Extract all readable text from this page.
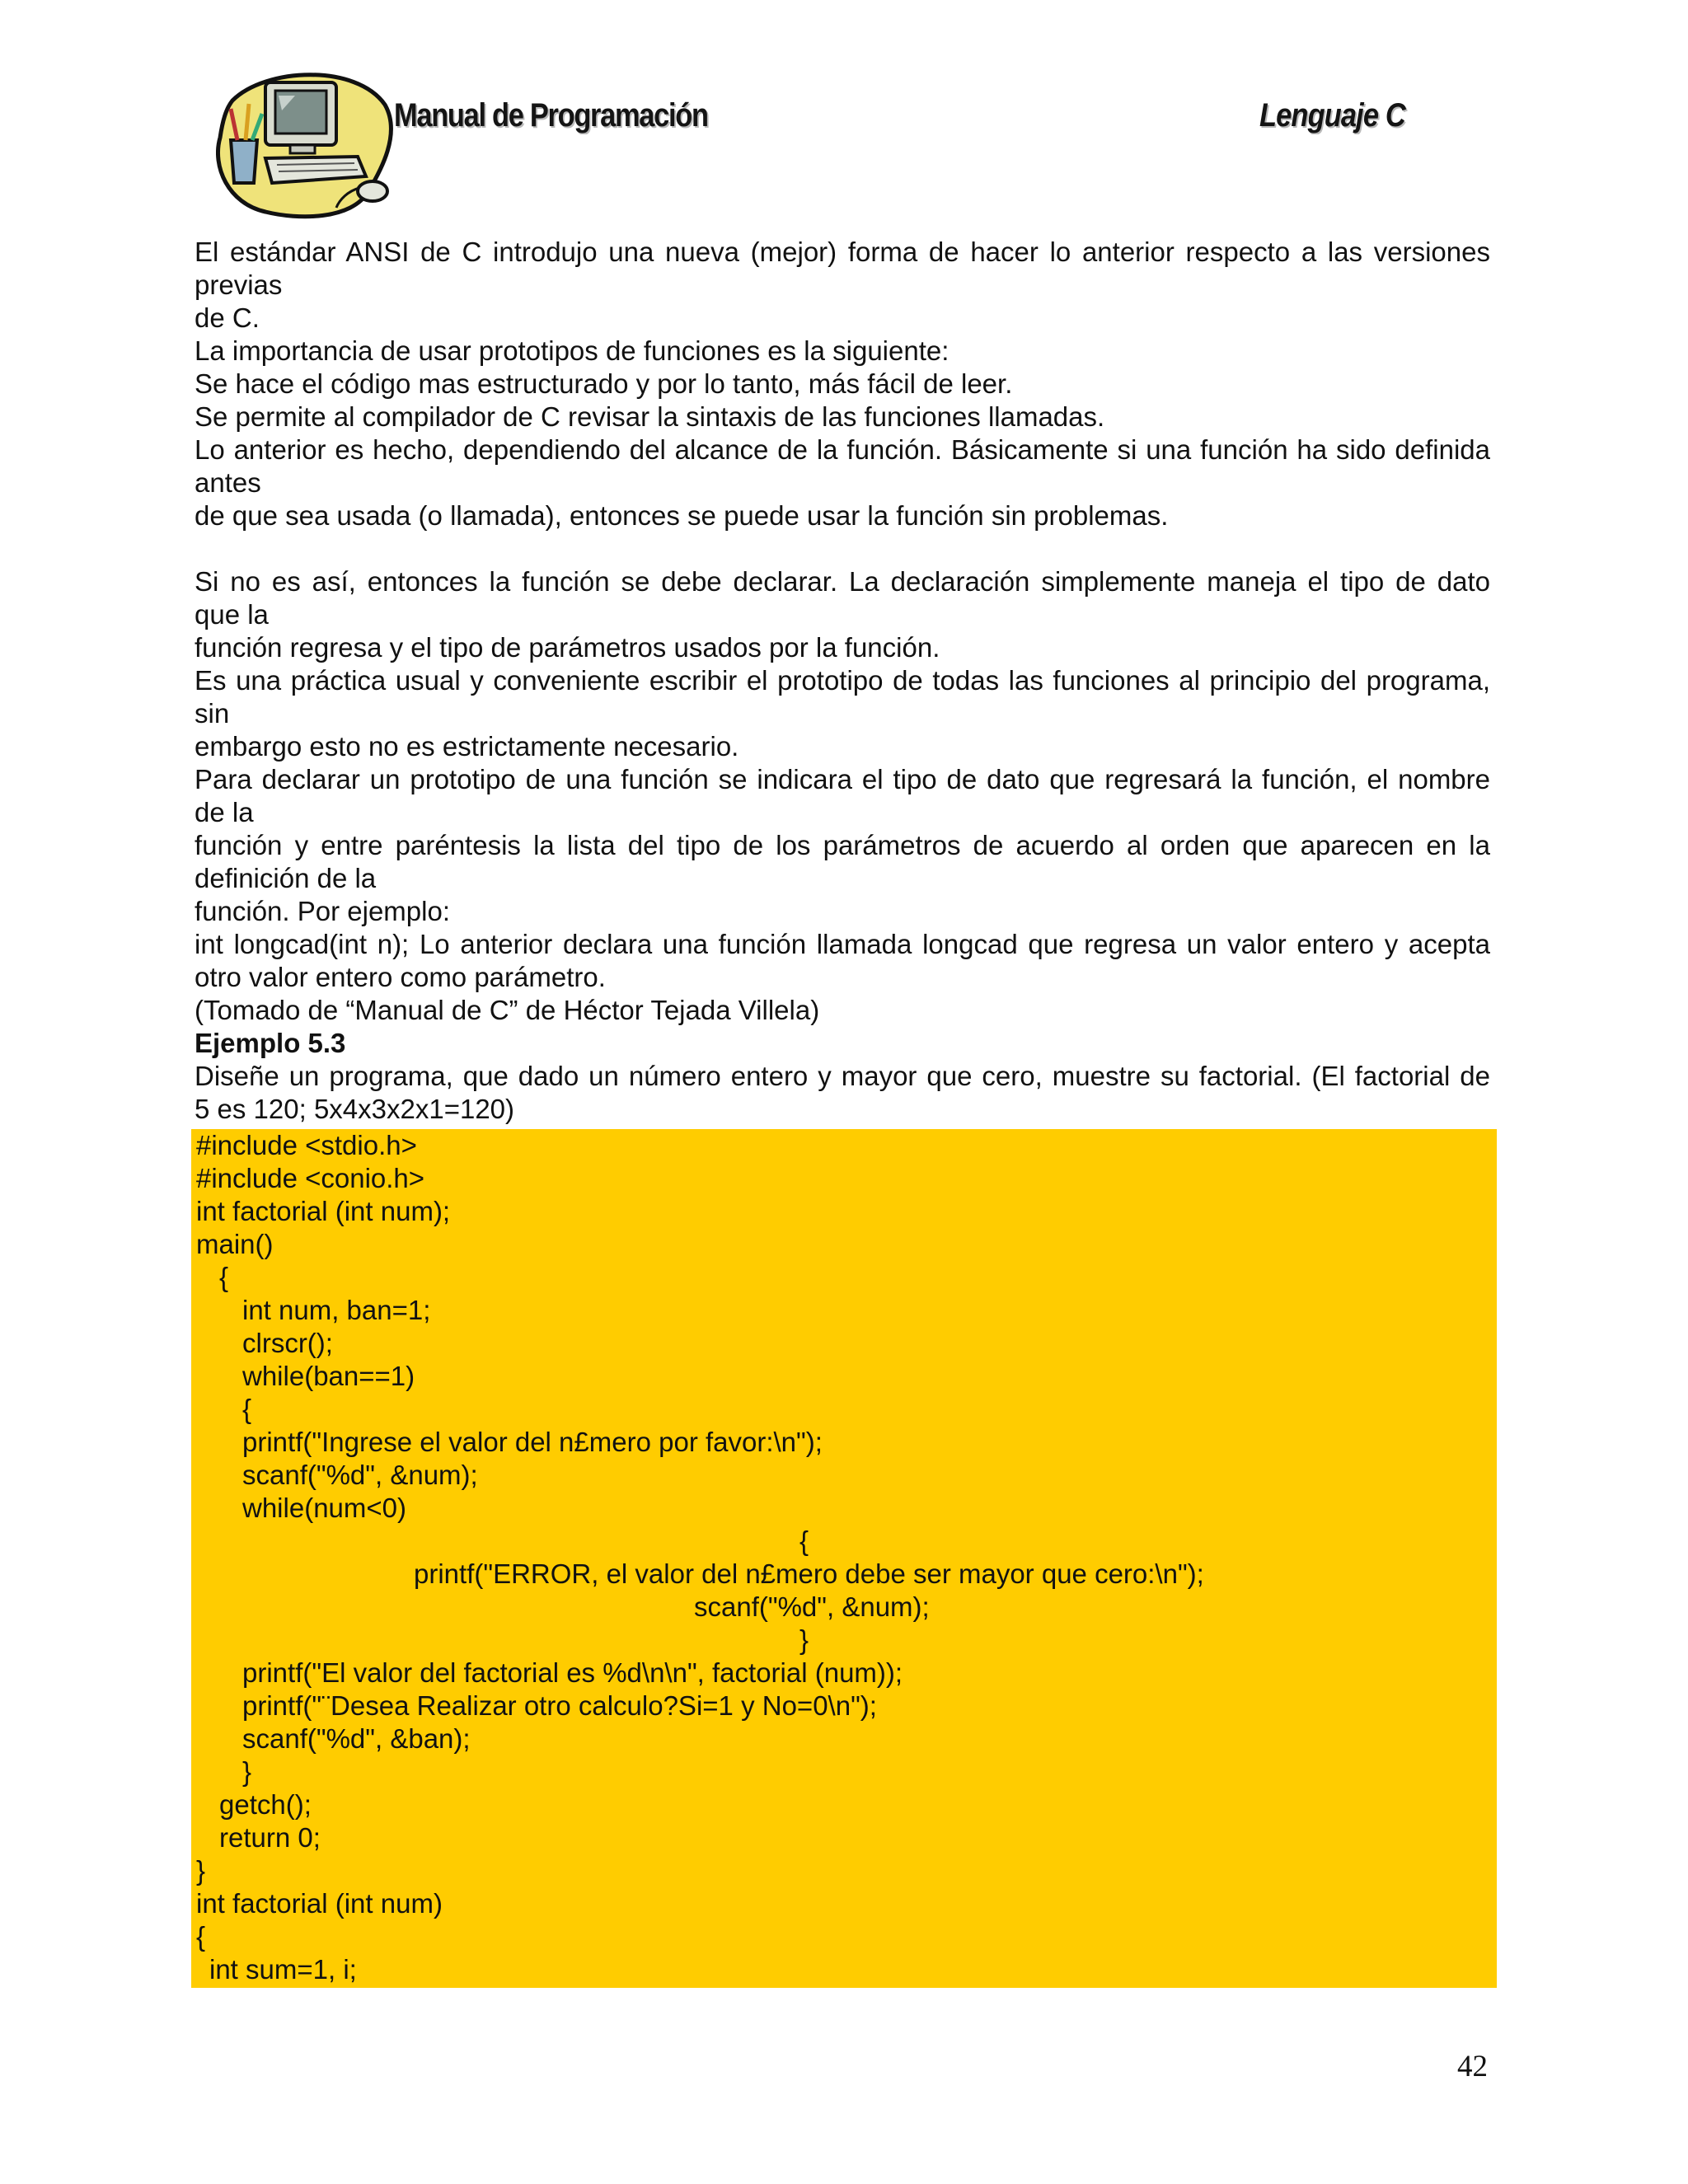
Manual de Programación	Lenguaje C

El estándar ANSI de C introdujo una nueva (mejor) forma de hacer lo anterior respecto a las versiones

previas

de C.

La importancia de usar prototipos de funciones es la siguiente:

Se hace el código mas estructurado y por lo tanto, más fácil de leer.

Se permite al compilador de C revisar la sintaxis de las funciones llamadas.

Lo anterior es hecho, dependiendo del alcance de la función. Básicamente si una función ha sido definida

antes

de que sea usada (o llamada), entonces se puede usar la función sin problemas.

Si no es así, entonces la función se debe declarar. La declaración simplemente maneja el tipo de dato

que la

función regresa y el tipo de parámetros usados por la función.

Es una práctica usual y conveniente escribir el prototipo de todas las funciones al principio del programa,

sin

embargo esto no es estrictamente necesario.

Para declarar un prototipo de una función se indicara el tipo de dato que regresará la función, el nombre

de la

función y entre paréntesis la lista del tipo de los parámetros de acuerdo al orden que aparecen en la

definición de la

función. Por ejemplo:

int longcad(int n); Lo anterior declara una función llamada longcad que regresa un valor entero y acepta

otro valor entero como parámetro.

(Tomado de “Manual de C” de Héctor Tejada Villela)

Ejemplo 5.3

Diseñe un programa, que dado un número entero y mayor que cero, muestre su factorial. (El factorial de

5 es 120; 5x4x3x2x1=120)

#include <stdio.h>
#include <conio.h>
int factorial (int num);
main()
{
int num, ban=1;
clrscr();
while(ban==1)
{
printf("Ingrese el valor del n£mero por favor:\n");
scanf("%d", &num);
while(num<0)
{
printf("ERROR, el valor del n£mero debe ser mayor que cero:\n");
scanf("%d", &num);
}
printf("El valor del factorial es %d\n\n", factorial (num));
printf("¨Desea Realizar otro calculo?Si=1 y No=0\n");
scanf("%d", &ban);
}
getch();
return 0;
}
int factorial (int num)
{
int sum=1, i;
42
